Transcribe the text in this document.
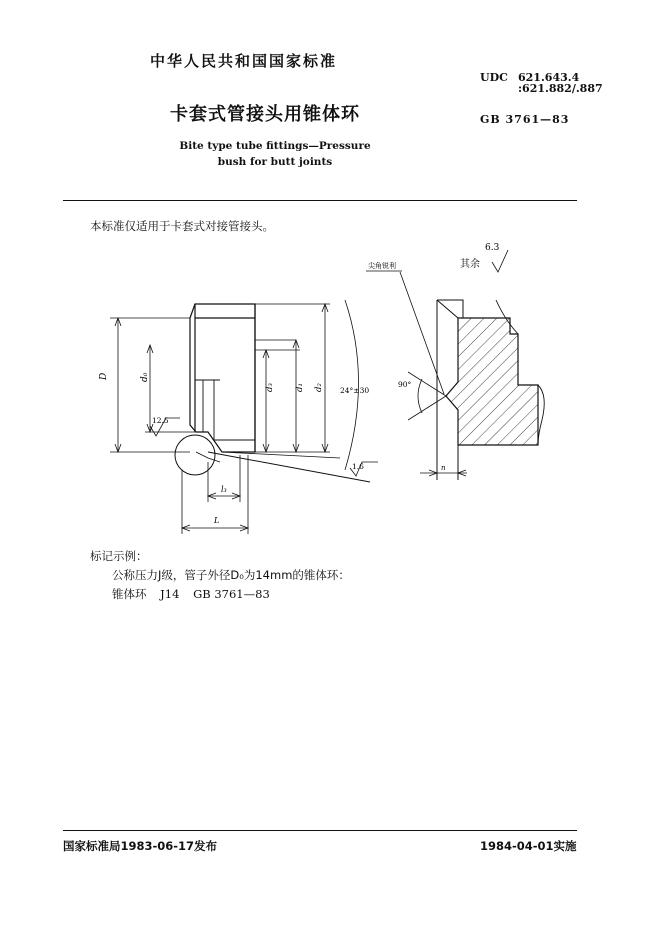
中华人民共和国国家标准
卡套式管接头用锥体环
Bite type tube fittings—Pressure
bush for butt joints
UDC 621.643.4
:621.882/.887
GB 3761—83
本标准仅适用于卡套式对接管接头。
D	d₀
12.5
d₃ d₁ d₂ 24°±30
1.6
l₃
L
90°
尖角锐利
n
其余
6.3
标记示例：
公称压力J级，管子外径D₀为14mm的锥体环：
锥体环 J14 GB 3761—83
国家标准局1983-06-17发布	1984-04-01实施
